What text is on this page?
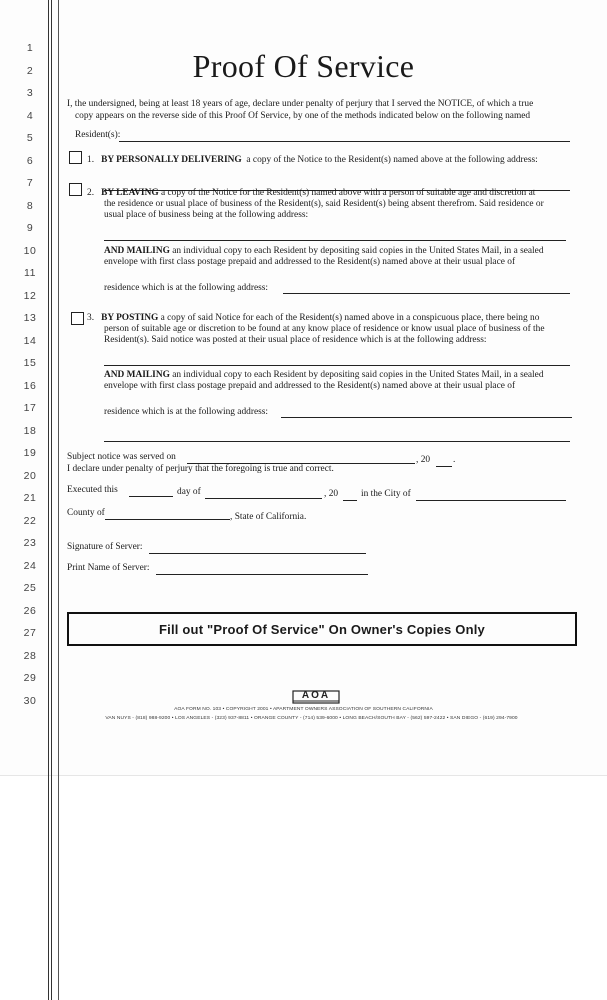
1
2
3
4
5
6
7
8
9
10
11
12
13
14
15
16
17
18
19
20
21
22
23
24
25
26
27
28
29
30
Proof Of Service
I, the undersigned, being at least 18 years of age, declare under penalty of perjury that I served the NOTICE, of which a true
copy appears on the reverse side of this Proof Of Service, by one of the methods indicated below on the following named
Resident(s):
1. BY PERSONALLY DELIVERING a copy of the Notice to the Resident(s) named above at the following address:
2. BY LEAVING a copy of the Notice for the Resident(s) named above with a person of suitable age and discretion at
the residence or usual place of business of the Resident(s), said Resident(s) being absent therefrom. Said residence or
usual place of business being at the following address:
AND MAILING an individual copy to each Resident by depositing said copies in the United States Mail, in a sealed
envelope with first class postage prepaid and addressed to the Resident(s) named above at their usual place of
residence which is at the following address:
3. BY POSTING a copy of said Notice for each of the Resident(s) named above in a conspicuous place, there being no
person of suitable age or discretion to be found at any know place of residence or know usual place of business of the
Resident(s). Said notice was posted at their usual place of residence which is at the following address:
AND MAILING an individual copy to each Resident by depositing said copies in the United States Mail, in a sealed
envelope with first class postage prepaid and addressed to the Resident(s) named above at their usual place of
residence which is at the following address:
Subject notice was served on	, 20 .
I declare under penalty of perjury that the foregoing is true and correct.
Executed this	day of	, 20 in the City of
County of	, State of California.
Signature of Server:
Print Name of Server:
Fill out "Proof Of Service" On Owner's Copies Only
AOA
AOA FORM NO. 103 • COPYRIGHT 2001 • APARTMENT OWNERS ASSOCIATION OF SOUTHERN CALIFORNIA
VAN NUYS - (818) 988-9200 • LOS ANGELES - (323) 937-8811 • ORANGE COUNTY - (714) 539-6000 • LONG BEACH/SOUTH BAY - (562) 597-2422 • SAN DIEGO - (619) 294-7900
